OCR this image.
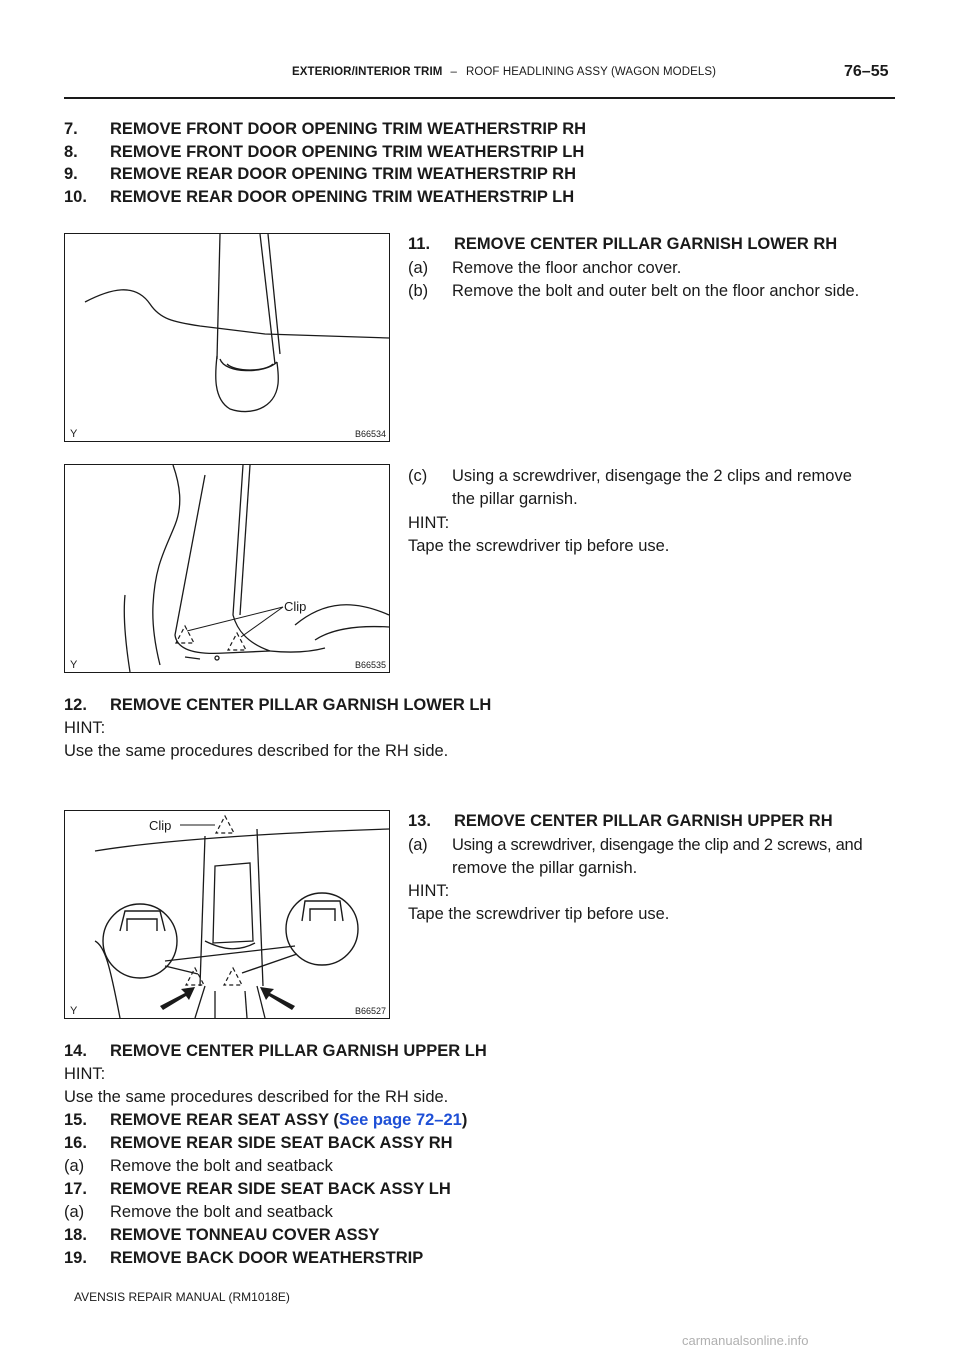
EXTERIOR/INTERIOR TRIM – ROOF HEADLINING ASSY (WAGON MODELS)	76–55
7. REMOVE FRONT DOOR OPENING TRIM WEATHERSTRIP RH
8. REMOVE FRONT DOOR OPENING TRIM WEATHERSTRIP LH
9. REMOVE REAR DOOR OPENING TRIM WEATHERSTRIP RH
10. REMOVE REAR DOOR OPENING TRIM WEATHERSTRIP LH
Y	B66534
11. REMOVE CENTER PILLAR GARNISH LOWER RH
(a) Remove the floor anchor cover.
(b) Remove the bolt and outer belt on the floor anchor side.
Clip
Y	B66535
(c) Using a screwdriver, disengage the 2 clips and remove
the pillar garnish.
HINT:
Tape the screwdriver tip before use.
12. REMOVE CENTER PILLAR GARNISH LOWER LH
HINT:
Use the same procedures described for the RH side.
Clip
Y	B66527
13. REMOVE CENTER PILLAR GARNISH UPPER RH
(a) Using a screwdriver, disengage the clip and 2 screws, and
remove the pillar garnish.
HINT:
Tape the screwdriver tip before use.
14. REMOVE CENTER PILLAR GARNISH UPPER LH
HINT:
Use the same procedures described for the RH side.
15. REMOVE REAR SEAT ASSY (See page 72–21)
16. REMOVE REAR SIDE SEAT BACK ASSY RH
(a) Remove the bolt and seatback
17. REMOVE REAR SIDE SEAT BACK ASSY LH
(a) Remove the bolt and seatback
18. REMOVE TONNEAU COVER ASSY
19. REMOVE BACK DOOR WEATHERSTRIP
AVENSIS REPAIR MANUAL (RM1018E)
carmanualsonline.info
